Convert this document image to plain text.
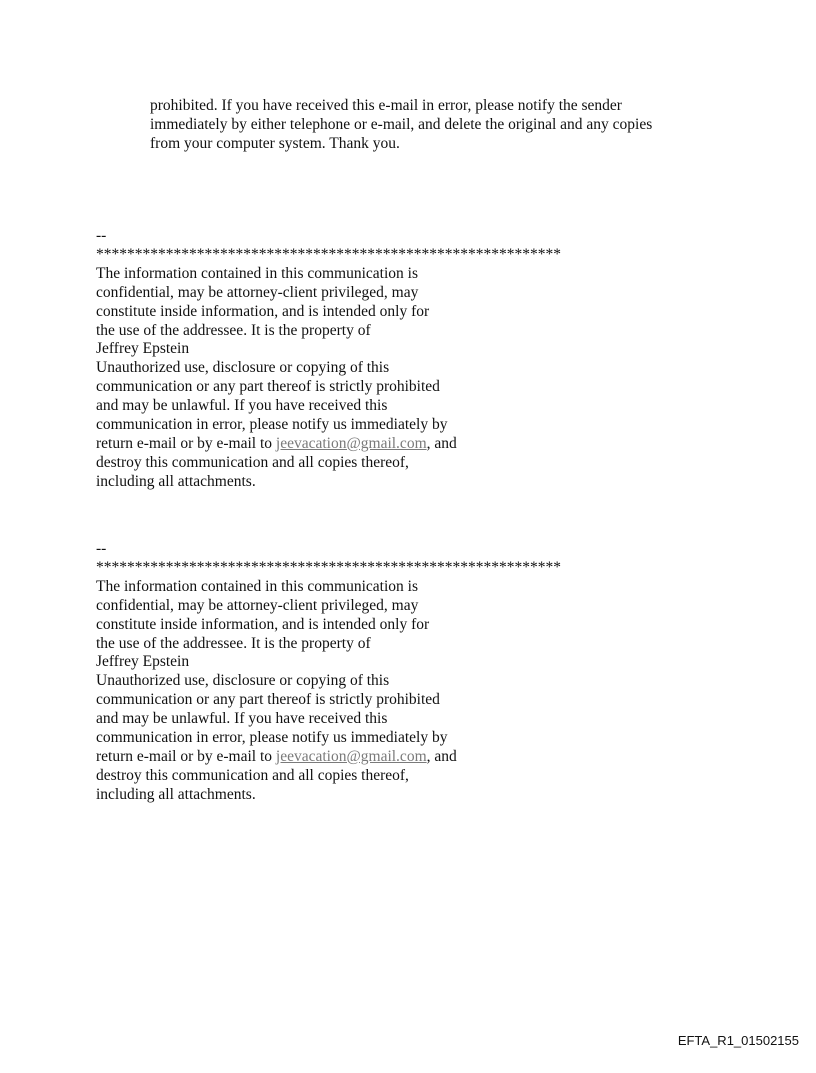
prohibited. If you have received this e-mail in error, please notify the sender
immediately by either telephone or e-mail, and delete the original and any copies
from your computer system. Thank you.
--
************************************************************
The information contained in this communication is
confidential, may be attorney-client privileged, may
constitute inside information, and is intended only for
the use of the addressee. It is the property of
Jeffrey Epstein
Unauthorized use, disclosure or copying of this
communication or any part thereof is strictly prohibited
and may be unlawful. If you have received this
communication in error, please notify us immediately by
return e-mail or by e-mail to jeevacation@gmail.com, and
destroy this communication and all copies thereof,
including all attachments.
--
************************************************************
The information contained in this communication is
confidential, may be attorney-client privileged, may
constitute inside information, and is intended only for
the use of the addressee. It is the property of
Jeffrey Epstein
Unauthorized use, disclosure or copying of this
communication or any part thereof is strictly prohibited
and may be unlawful. If you have received this
communication in error, please notify us immediately by
return e-mail or by e-mail to jeevacation@gmail.com, and
destroy this communication and all copies thereof,
including all attachments.
EFTA_R1_01502155
